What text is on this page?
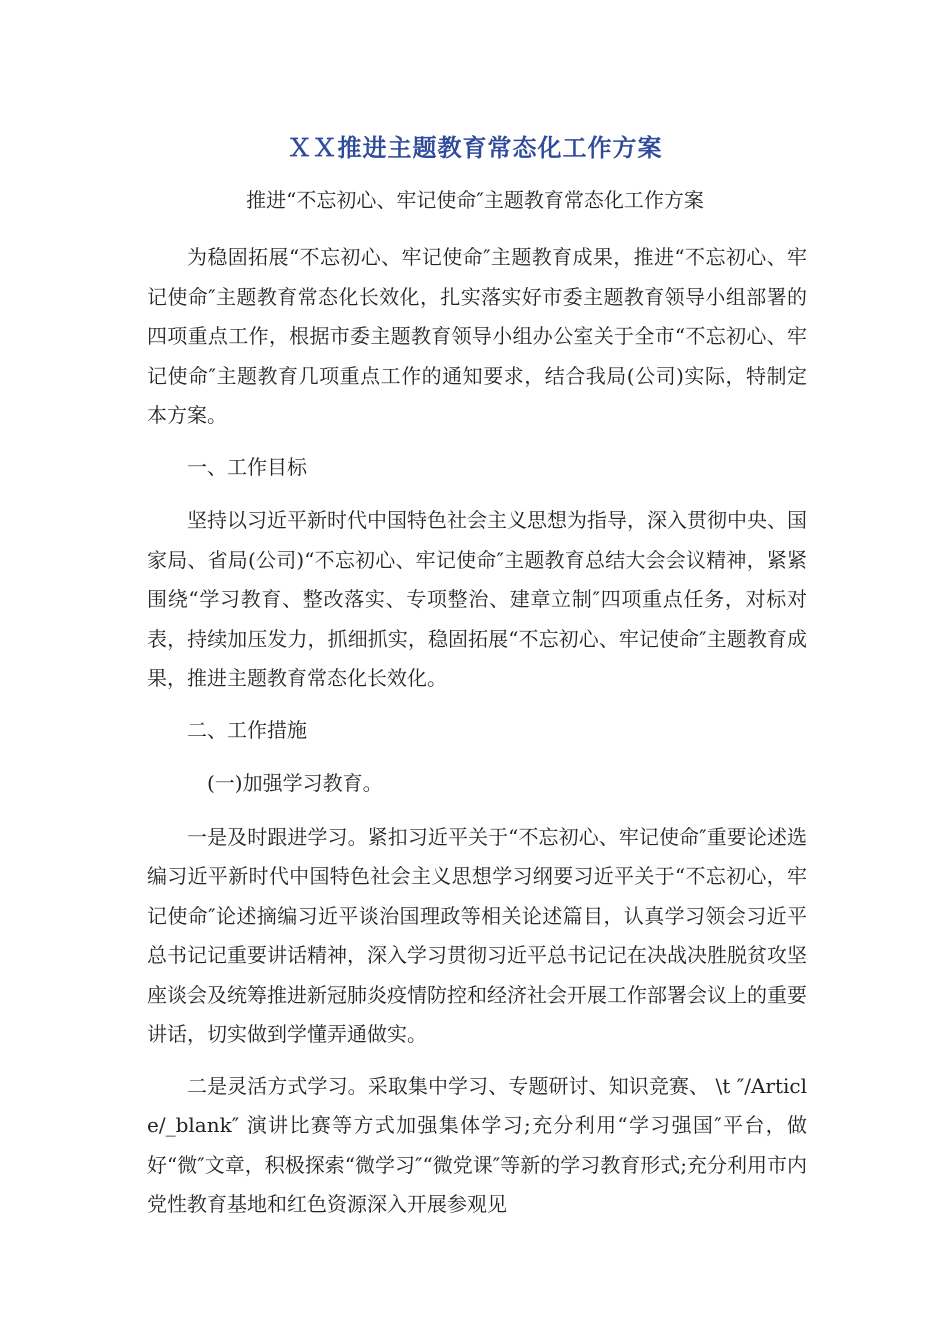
ＸＸ推进主题教育常态化工作方案
推进“不忘初心、牢记使命″主题教育常态化工作方案

为稳固拓展“不忘初心、牢记使命″主题教育成果，推进“不忘初心、牢记使命″主题教育常态化长效化，扎实落实好市委主题教育领导小组部署的四项重点工作，根据市委主题教育领导小组办公室关于全市“不忘初心、牢记使命″主题教育几项重点工作的通知要求，结合我局(公司)实际，特制定本方案。

一、工作目标

坚持以习近平新时代中国特色社会主义思想为指导，深入贯彻中央、国家局、省局(公司)“不忘初心、牢记使命″主题教育总结大会会议精神，紧紧围绕“学习教育、整改落实、专项整治、建章立制″四项重点任务，对标对表，持续加压发力，抓细抓实，稳固拓展“不忘初心、牢记使命″主题教育成果，推进主题教育常态化长效化。

二、工作措施

(一)加强学习教育。

一是及时跟进学习。紧扣习近平关于“不忘初心、牢记使命″重要论述选编习近平新时代中国特色社会主义思想学习纲要习近平关于“不忘初心，牢记使命″论述摘编习近平谈治国理政等相关论述篇目，认真学习领会习近平总书记记重要讲话精神，深入学习贯彻习近平总书记记在决战决胜脱贫攻坚座谈会及统筹推进新冠肺炎疫情防控和经济社会开展工作部署会议上的重要讲话，切实做到学懂弄通做实。

二是灵活方式学习。采取集中学习、专题研讨、知识竞赛、 \t ″/Article/_blank″ 演讲比赛等方式加强集体学习;充分利用“学习强国″平台，做好“微″文章，积极探索“微学习″“微党课″等新的学习教育形式;充分利用市内党性教育基地和红色资源深入开展参观见
